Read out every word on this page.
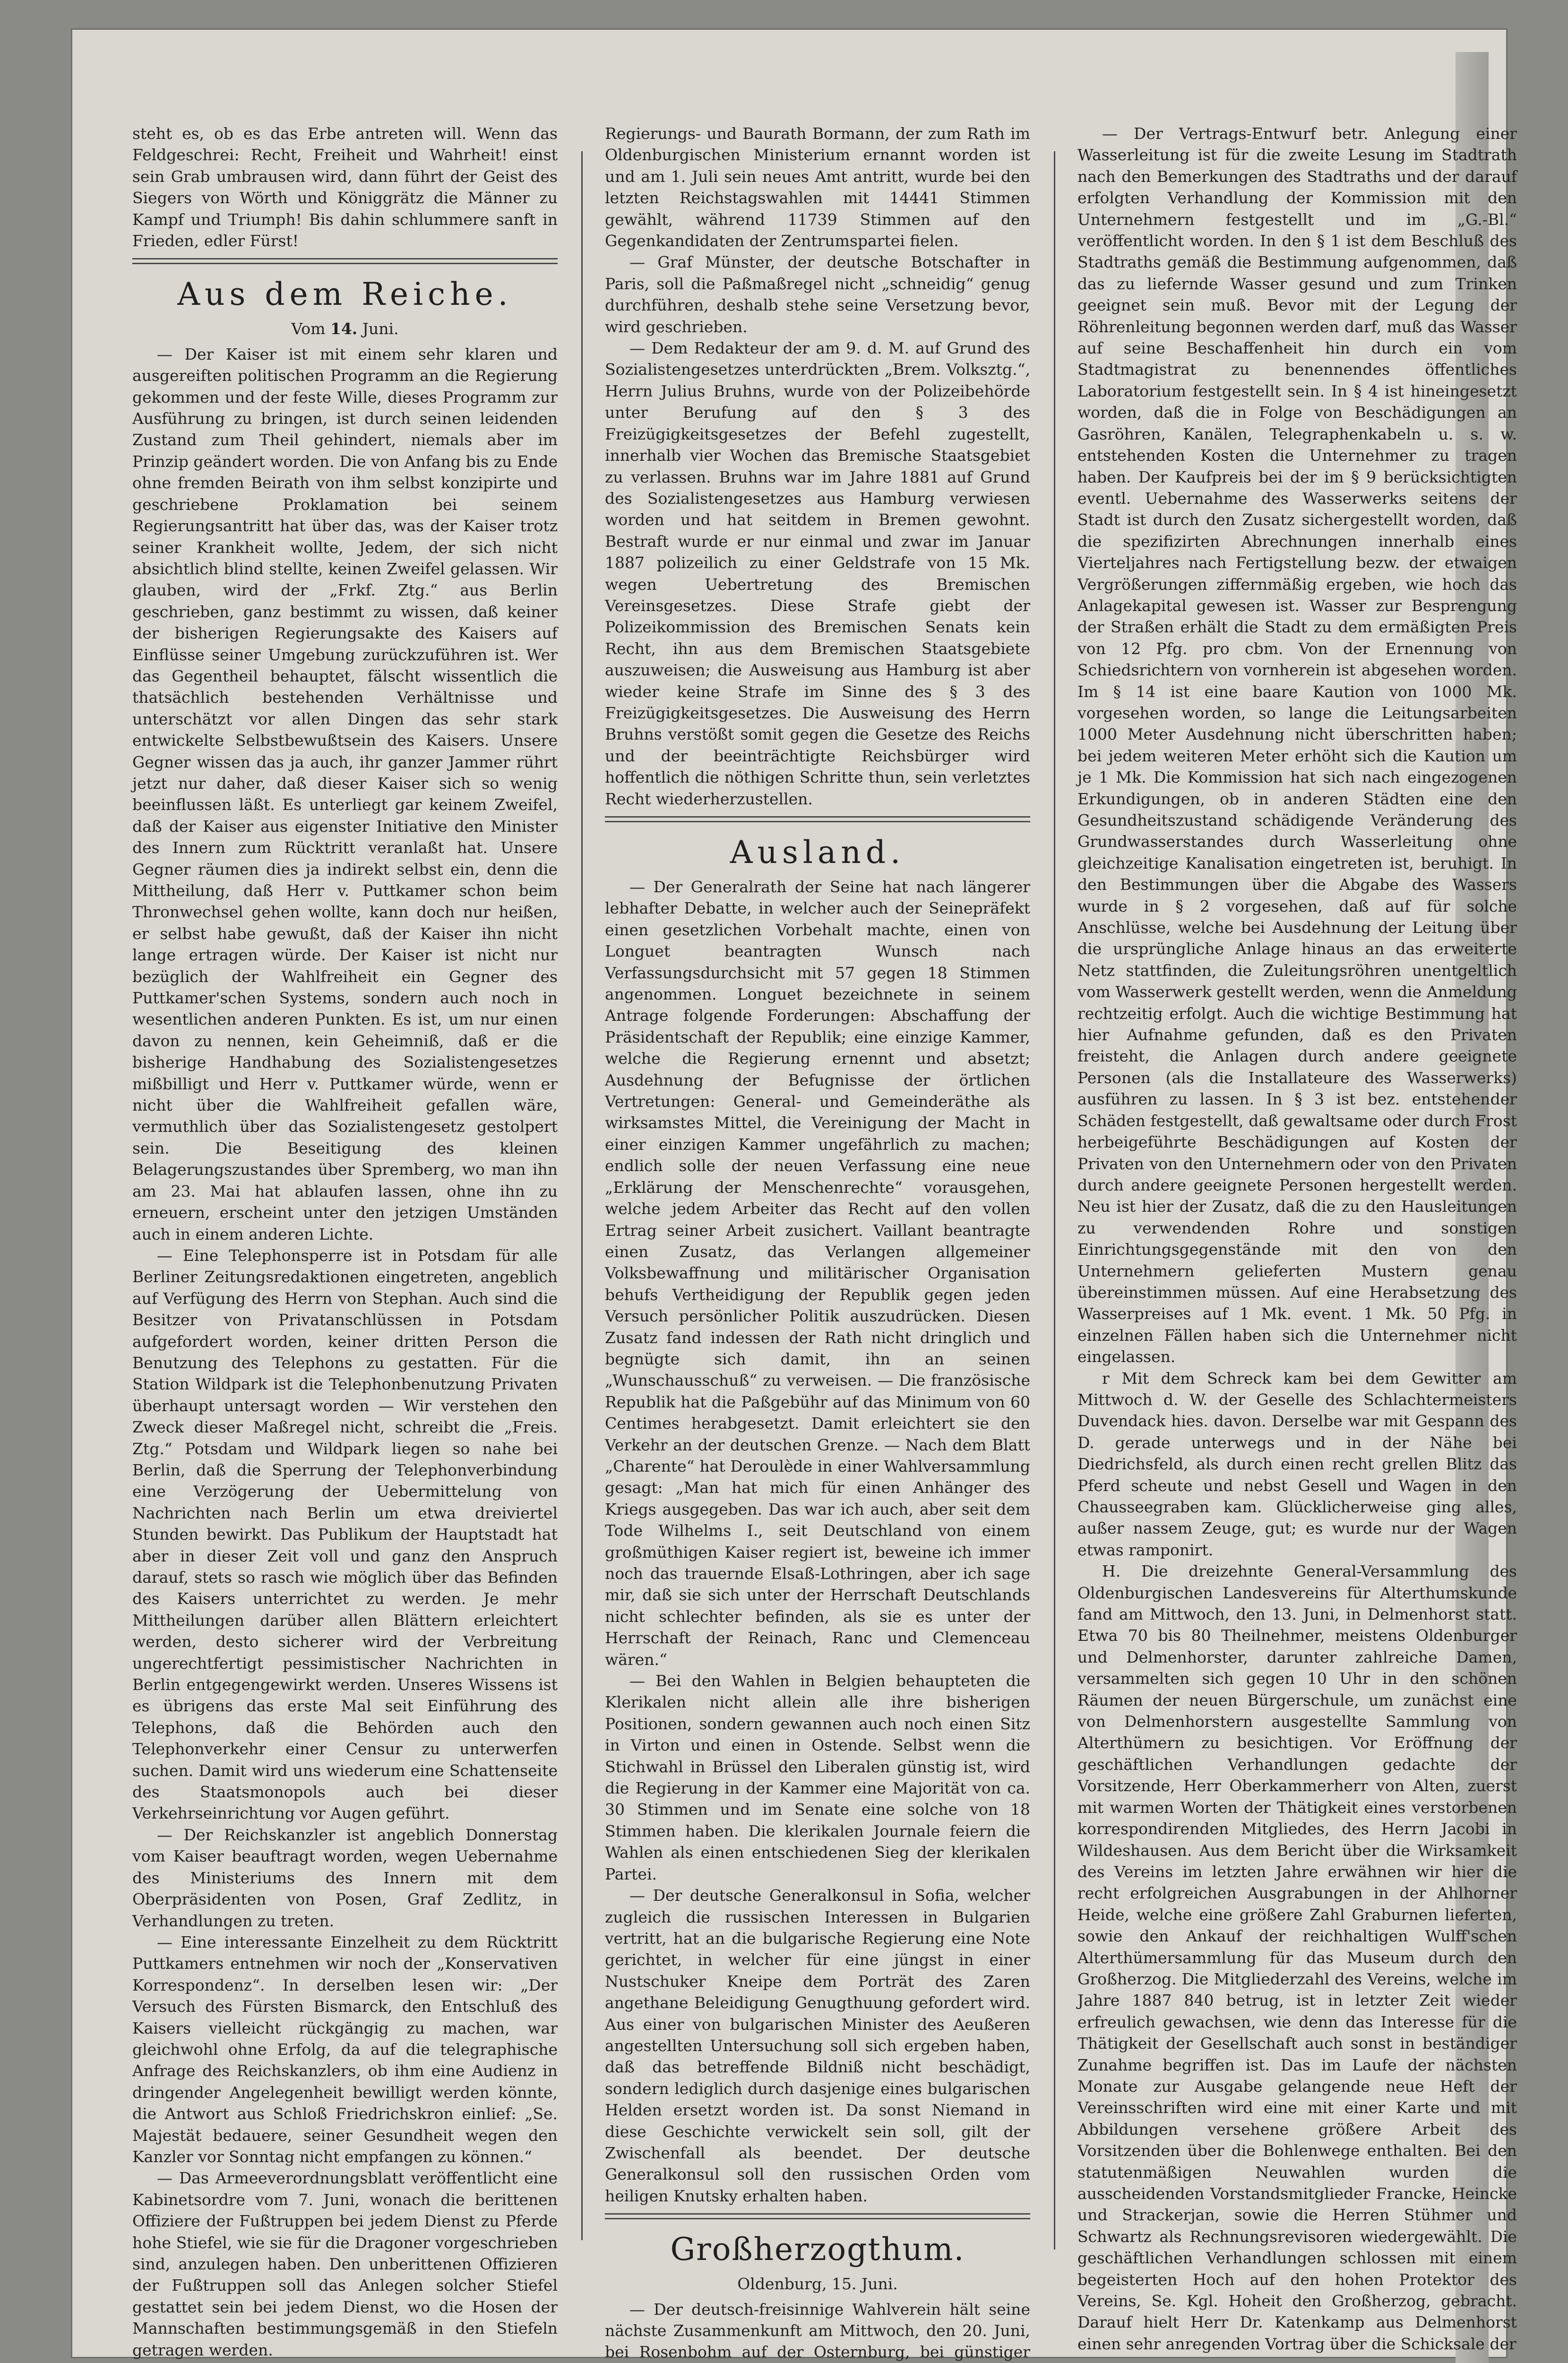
steht es, ob es das Erbe antreten will. Wenn das Feldgeschrei: Recht, Freiheit und Wahrheit! einst sein Grab umbrausen wird, dann führt der Geist des Siegers von Wörth und Königgrätz die Männer zu Kampf und Triumph! Bis dahin schlummere sanft in Frieden, edler Fürst!

Aus dem Reiche.
Vom 14. Juni.

— Der Kaiser ist mit einem sehr klaren und ausgereiften politischen Programm an die Regierung gekommen und der feste Wille, dieses Programm zur Ausführung zu bringen, ist durch seinen leidenden Zustand zum Theil gehindert, niemals aber im Prinzip geändert worden. Die von Anfang bis zu Ende ohne fremden Beirath von ihm selbst konzipirte und geschriebene Proklamation bei seinem Regierungsantritt hat über das, was der Kaiser trotz seiner Krankheit wollte, Jedem, der sich nicht absichtlich blind stellte, keinen Zweifel gelassen. Wir glauben, wird der „Frkf. Ztg.“ aus Berlin geschrieben, ganz bestimmt zu wissen, daß keiner der bisherigen Regierungsakte des Kaisers auf Einflüsse seiner Umgebung zurückzuführen ist. Wer das Gegentheil behauptet, fälscht wissentlich die thatsächlich bestehenden Verhältnisse und unterschätzt vor allen Dingen das sehr stark entwickelte Selbstbewußtsein des Kaisers. Unsere Gegner wissen das ja auch, ihr ganzer Jammer rührt jetzt nur daher, daß dieser Kaiser sich so wenig beeinflussen läßt. Es unterliegt gar keinem Zweifel, daß der Kaiser aus eigenster Initiative den Minister des Innern zum Rücktritt veranlaßt hat. Unsere Gegner räumen dies ja indirekt selbst ein, denn die Mittheilung, daß Herr v. Puttkamer schon beim Thronwechsel gehen wollte, kann doch nur heißen, er selbst habe gewußt, daß der Kaiser ihn nicht lange ertragen würde. Der Kaiser ist nicht nur bezüglich der Wahlfreiheit ein Gegner des Puttkamer'schen Systems, sondern auch noch in wesentlichen anderen Punkten. Es ist, um nur einen davon zu nennen, kein Geheimniß, daß er die bisherige Handhabung des Sozialistengesetzes mißbilligt und Herr v. Puttkamer würde, wenn er nicht über die Wahlfreiheit gefallen wäre, vermuthlich über das Sozialistengesetz gestolpert sein. Die Beseitigung des kleinen Belagerungszustandes über Spremberg, wo man ihn am 23. Mai hat ablaufen lassen, ohne ihn zu erneuern, erscheint unter den jetzigen Umständen auch in einem anderen Lichte.

— Eine Telephonsperre ist in Potsdam für alle Berliner Zeitungsredaktionen eingetreten, angeblich auf Verfügung des Herrn von Stephan. Auch sind die Besitzer von Privatanschlüssen in Potsdam aufgefordert worden, keiner dritten Person die Benutzung des Telephons zu gestatten. Für die Station Wildpark ist die Telephonbenutzung Privaten überhaupt untersagt worden — Wir verstehen den Zweck dieser Maßregel nicht, schreibt die „Freis. Ztg.“ Potsdam und Wildpark liegen so nahe bei Berlin, daß die Sperrung der Telephonverbindung eine Verzögerung der Uebermittelung von Nachrichten nach Berlin um etwa dreiviertel Stunden bewirkt. Das Publikum der Hauptstadt hat aber in dieser Zeit voll und ganz den Anspruch darauf, stets so rasch wie möglich über das Befinden des Kaisers unterrichtet zu werden. Je mehr Mittheilungen darüber allen Blättern erleichtert werden, desto sicherer wird der Verbreitung ungerechtfertigt pessimistischer Nachrichten in Berlin entgegengewirkt werden. Unseres Wissens ist es übrigens das erste Mal seit Einführung des Telephons, daß die Behörden auch den Telephonverkehr einer Censur zu unterwerfen suchen. Damit wird uns wiederum eine Schattenseite des Staatsmonopols auch bei dieser Verkehrseinrichtung vor Augen geführt.

— Der Reichskanzler ist angeblich Donnerstag vom Kaiser beauftragt worden, wegen Uebernahme des Ministeriums des Innern mit dem Oberpräsidenten von Posen, Graf Zedlitz, in Verhandlungen zu treten.

— Eine interessante Einzelheit zu dem Rücktritt Puttkamers entnehmen wir noch der „Konservativen Korrespondenz“. In derselben lesen wir: „Der Versuch des Fürsten Bismarck, den Entschluß des Kaisers vielleicht rückgängig zu machen, war gleichwohl ohne Erfolg, da auf die telegraphische Anfrage des Reichskanzlers, ob ihm eine Audienz in dringender Angelegenheit bewilligt werden könnte, die Antwort aus Schloß Friedrichskron einlief: „Se. Majestät bedauere, seiner Gesundheit wegen den Kanzler vor Sonntag nicht empfangen zu können.“

— Das Armeeverordnungsblatt veröffentlicht eine Kabinetsordre vom 7. Juni, wonach die berittenen Offiziere der Fußtruppen bei jedem Dienst zu Pferde hohe Stiefel, wie sie für die Dragoner vorgeschrieben sind, anzulegen haben. Den unberittenen Offizieren der Fußtruppen soll das Anlegen solcher Stiefel gestattet sein bei jedem Dienst, wo die Hosen der Mannschaften bestimmungsgemäß in den Stiefeln getragen werden.

Regierungs- und Baurath Bormann, der zum Rath im Oldenburgischen Ministerium ernannt worden ist und am 1. Juli sein neues Amt antritt, wurde bei den letzten Reichstagswahlen mit 14441 Stimmen gewählt, während 11739 Stimmen auf den Gegenkandidaten der Zentrumspartei fielen.

— Graf Münster, der deutsche Botschafter in Paris, soll die Paßmaßregel nicht „schneidig“ genug durchführen, deshalb stehe seine Versetzung bevor, wird geschrieben.

— Dem Redakteur der am 9. d. M. auf Grund des Sozialistengesetzes unterdrückten „Brem. Volksztg.“, Herrn Julius Bruhns, wurde von der Polizeibehörde unter Berufung auf den § 3 des Freizügigkeitsgesetzes der Befehl zugestellt, innerhalb vier Wochen das Bremische Staatsgebiet zu verlassen. Bruhns war im Jahre 1881 auf Grund des Sozialistengesetzes aus Hamburg verwiesen worden und hat seitdem in Bremen gewohnt. Bestraft wurde er nur einmal und zwar im Januar 1887 polizeilich zu einer Geldstrafe von 15 Mk. wegen Uebertretung des Bremischen Vereinsgesetzes. Diese Strafe giebt der Polizeikommission des Bremischen Senats kein Recht, ihn aus dem Bremischen Staatsgebiete auszuweisen; die Ausweisung aus Hamburg ist aber wieder keine Strafe im Sinne des § 3 des Freizügigkeitsgesetzes. Die Ausweisung des Herrn Bruhns verstößt somit gegen die Gesetze des Reichs und der beeinträchtigte Reichsbürger wird hoffentlich die nöthigen Schritte thun, sein verletztes Recht wiederherzustellen.

Ausland.

— Der Generalrath der Seine hat nach längerer lebhafter Debatte, in welcher auch der Seinepräfekt einen gesetzlichen Vorbehalt machte, einen von Longuet beantragten Wunsch nach Verfassungsdurchsicht mit 57 gegen 18 Stimmen angenommen. Longuet bezeichnete in seinem Antrage folgende Forderungen: Abschaffung der Präsidentschaft der Republik; eine einzige Kammer, welche die Regierung ernennt und absetzt; Ausdehnung der Befugnisse der örtlichen Vertretungen: General- und Gemeinderäthe als wirksamstes Mittel, die Vereinigung der Macht in einer einzigen Kammer ungefährlich zu machen; endlich solle der neuen Verfassung eine neue „Erklärung der Menschenrechte“ vorausgehen, welche jedem Arbeiter das Recht auf den vollen Ertrag seiner Arbeit zusichert. Vaillant beantragte einen Zusatz, das Verlangen allgemeiner Volksbewaffnung und militärischer Organisation behufs Vertheidigung der Republik gegen jeden Versuch persönlicher Politik auszudrücken. Diesen Zusatz fand indessen der Rath nicht dringlich und begnügte sich damit, ihn an seinen „Wunschausschuß“ zu verweisen. — Die französische Republik hat die Paßgebühr auf das Minimum von 60 Centimes herabgesetzt. Damit erleichtert sie den Verkehr an der deutschen Grenze. — Nach dem Blatt „Charente“ hat Deroulède in einer Wahlversammlung gesagt: „Man hat mich für einen Anhänger des Kriegs ausgegeben. Das war ich auch, aber seit dem Tode Wilhelms I., seit Deutschland von einem großmüthigen Kaiser regiert ist, beweine ich immer noch das trauernde Elsaß-Lothringen, aber ich sage mir, daß sie sich unter der Herrschaft Deutschlands nicht schlechter befinden, als sie es unter der Herrschaft der Reinach, Ranc und Clemenceau wären.“

— Bei den Wahlen in Belgien behaupteten die Klerikalen nicht allein alle ihre bisherigen Positionen, sondern gewannen auch noch einen Sitz in Virton und einen in Ostende. Selbst wenn die Stichwahl in Brüssel den Liberalen günstig ist, wird die Regierung in der Kammer eine Majorität von ca. 30 Stimmen und im Senate eine solche von 18 Stimmen haben. Die klerikalen Journale feiern die Wahlen als einen entschiedenen Sieg der klerikalen Partei.

— Der deutsche Generalkonsul in Sofia, welcher zugleich die russischen Interessen in Bulgarien vertritt, hat an die bulgarische Regierung eine Note gerichtet, in welcher für eine jüngst in einer Nustschuker Kneipe dem Porträt des Zaren angethane Beleidigung Genugthuung gefordert wird. Aus einer von bulgarischen Minister des Aeußeren angestellten Untersuchung soll sich ergeben haben, daß das betreffende Bildniß nicht beschädigt, sondern lediglich durch dasjenige eines bulgarischen Helden ersetzt worden ist. Da sonst Niemand in diese Geschichte verwickelt sein soll, gilt der Zwischenfall als beendet. Der deutsche Generalkonsul soll den russischen Orden vom heiligen Knutsky erhalten haben.

Großherzogthum.
Oldenburg, 15. Juni.

— Der deutsch-freisinnige Wahlverein hält seine nächste Zusammenkunft am Mittwoch, den 20. Juni, bei Rosenbohm auf der Osternburg, bei günstiger

— Der Vertrags-Entwurf betr. Anlegung einer Wasserleitung ist für die zweite Lesung im Stadtrath nach den Bemerkungen des Stadtraths und der darauf erfolgten Verhandlung der Kommission mit den Unternehmern festgestellt und im „G.-Bl.“ veröffentlicht worden. In den § 1 ist dem Beschluß des Stadtraths gemäß die Bestimmung aufgenommen, daß das zu liefernde Wasser gesund und zum Trinken geeignet sein muß. Bevor mit der Legung der Röhrenleitung begonnen werden darf, muß das Wasser auf seine Beschaffenheit hin durch ein vom Stadtmagistrat zu benennendes öffentliches Laboratorium festgestellt sein. In § 4 ist hineingesetzt worden, daß die in Folge von Beschädigungen an Gasröhren, Kanälen, Telegraphenkabeln u. s. w. entstehenden Kosten die Unternehmer zu tragen haben. Der Kaufpreis bei der im § 9 berücksichtigten eventl. Uebernahme des Wasserwerks seitens der Stadt ist durch den Zusatz sichergestellt worden, daß die spezifizirten Abrechnungen innerhalb eines Vierteljahres nach Fertigstellung bezw. der etwaigen Vergrößerungen ziffernmäßig ergeben, wie hoch das Anlagekapital gewesen ist. Wasser zur Besprengung der Straßen erhält die Stadt zu dem ermäßigten Preis von 12 Pfg. pro cbm. Von der Ernennung von Schiedsrichtern von vornherein ist abgesehen worden. Im § 14 ist eine baare Kaution von 1000 Mk. vorgesehen worden, so lange die Leitungsarbeiten 1000 Meter Ausdehnung nicht überschritten haben; bei jedem weiteren Meter erhöht sich die Kaution um je 1 Mk. Die Kommission hat sich nach eingezogenen Erkundigungen, ob in anderen Städten eine den Gesundheitszustand schädigende Veränderung des Grundwasserstandes durch Wasserleitung ohne gleichzeitige Kanalisation eingetreten ist, beruhigt. In den Bestimmungen über die Abgabe des Wassers wurde in § 2 vorgesehen, daß auf für solche Anschlüsse, welche bei Ausdehnung der Leitung über die ursprüngliche Anlage hinaus an das erweiterte Netz stattfinden, die Zuleitungsröhren unentgeltlich vom Wasserwerk gestellt werden, wenn die Anmeldung rechtzeitig erfolgt. Auch die wichtige Bestimmung hat hier Aufnahme gefunden, daß es den Privaten freisteht, die Anlagen durch andere geeignete Personen (als die Installateure des Wasserwerks) ausführen zu lassen. In § 3 ist bez. entstehender Schäden festgestellt, daß gewaltsame oder durch Frost herbeigeführte Beschädigungen auf Kosten der Privaten von den Unternehmern oder von den Privaten durch andere geeignete Personen hergestellt werden. Neu ist hier der Zusatz, daß die zu den Hausleitungen zu verwendenden Rohre und sonstigen Einrichtungsgegenstände mit den von den Unternehmern gelieferten Mustern genau übereinstimmen müssen. Auf eine Herabsetzung des Wasserpreises auf 1 Mk. event. 1 Mk. 50 Pfg. in einzelnen Fällen haben sich die Unternehmer nicht eingelassen.

r Mit dem Schreck kam bei dem Gewitter am Mittwoch d. W. der Geselle des Schlachtermeisters Duvendack hies. davon. Derselbe war mit Gespann des D. gerade unterwegs und in der Nähe bei Diedrichsfeld, als durch einen recht grellen Blitz das Pferd scheute und nebst Gesell und Wagen in den Chausseegraben kam. Glücklicherweise ging alles, außer nassem Zeuge, gut; es wurde nur der Wagen etwas ramponirt.

H. Die dreizehnte General-Versammlung des Oldenburgischen Landesvereins für Alterthumskunde fand am Mittwoch, den 13. Juni, in Delmenhorst statt. Etwa 70 bis 80 Theilnehmer, meistens Oldenburger und Delmenhorster, darunter zahlreiche Damen, versammelten sich gegen 10 Uhr in den schönen Räumen der neuen Bürgerschule, um zunächst eine von Delmenhorstern ausgestellte Sammlung von Alterthümern zu besichtigen. Vor Eröffnung der geschäftlichen Verhandlungen gedachte der Vorsitzende, Herr Oberkammerherr von Alten, zuerst mit warmen Worten der Thätigkeit eines verstorbenen korrespondirenden Mitgliedes, des Herrn Jacobi in Wildeshausen. Aus dem Bericht über die Wirksamkeit des Vereins im letzten Jahre erwähnen wir hier die recht erfolgreichen Ausgrabungen in der Ahlhorner Heide, welche eine größere Zahl Graburnen lieferten, sowie den Ankauf der reichhaltigen Wulff'schen Alterthümersammlung für das Museum durch den Großherzog. Die Mitgliederzahl des Vereins, welche im Jahre 1887 840 betrug, ist in letzter Zeit wieder erfreulich gewachsen, wie denn das Interesse für die Thätigkeit der Gesellschaft auch sonst in beständiger Zunahme begriffen ist. Das im Laufe der nächsten Monate zur Ausgabe gelangende neue Heft der Vereinsschriften wird eine mit einer Karte und mit Abbildungen versehene größere Arbeit des Vorsitzenden über die Bohlenwege enthalten. Bei den statutenmäßigen Neuwahlen wurden die ausscheidenden Vorstandsmitglieder Francke, Heincke und Strackerjan, sowie die Herren Stühmer und Schwartz als Rechnungsrevisoren wiedergewählt. Die geschäftlichen Verhandlungen schlossen mit einem begeisterten Hoch auf den hohen Protektor des Vereins, Se. Kgl. Hoheit den Großherzog, gebracht. Darauf hielt Herr Dr. Katenkamp aus Delmenhorst einen sehr anregenden Vortrag über die Schicksale der
